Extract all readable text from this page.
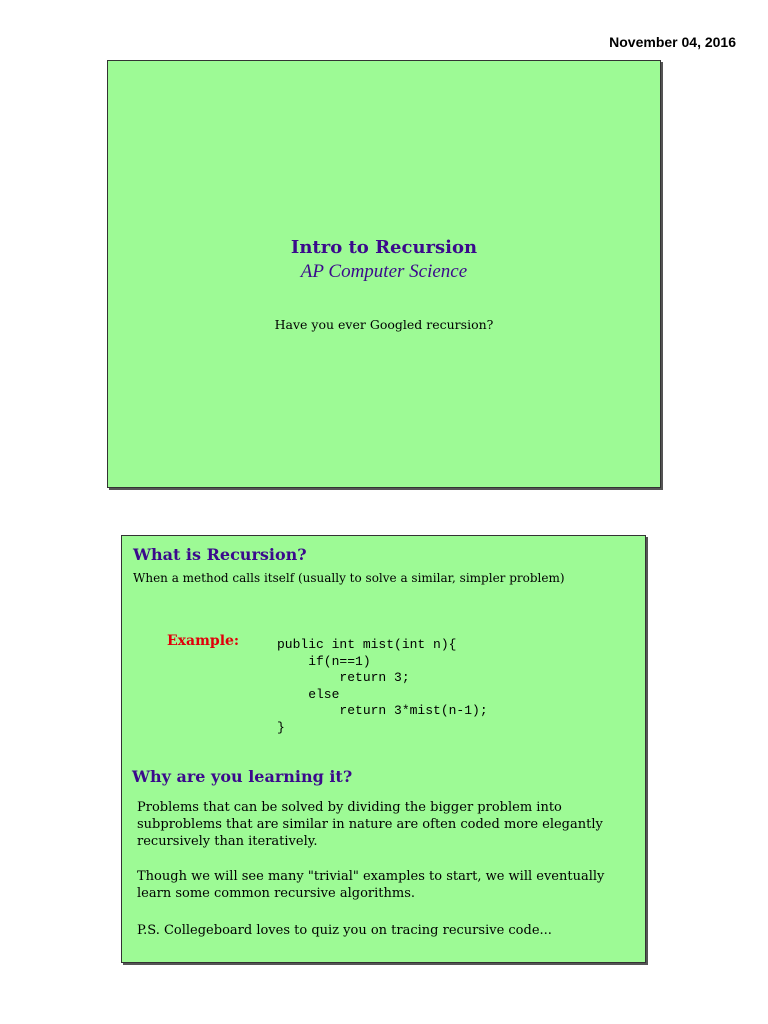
November 04, 2016
Intro to Recursion
AP Computer Science
Have you ever Googled recursion?
What is Recursion?
When a method calls itself (usually to solve a similar, simpler problem)
Example:	public int mist(int n){
if(n==1)
return 3;
else
return 3*mist(n-1);
}
Why are you learning it?

Problems that can be solved by dividing the bigger problem into subproblems that are similar in nature are often coded more elegantly recursively than iteratively.

Though we will see many "trivial" examples to start, we will eventually learn some common recursive algorithms.

P.S. Collegeboard loves to quiz you on tracing recursive code...
